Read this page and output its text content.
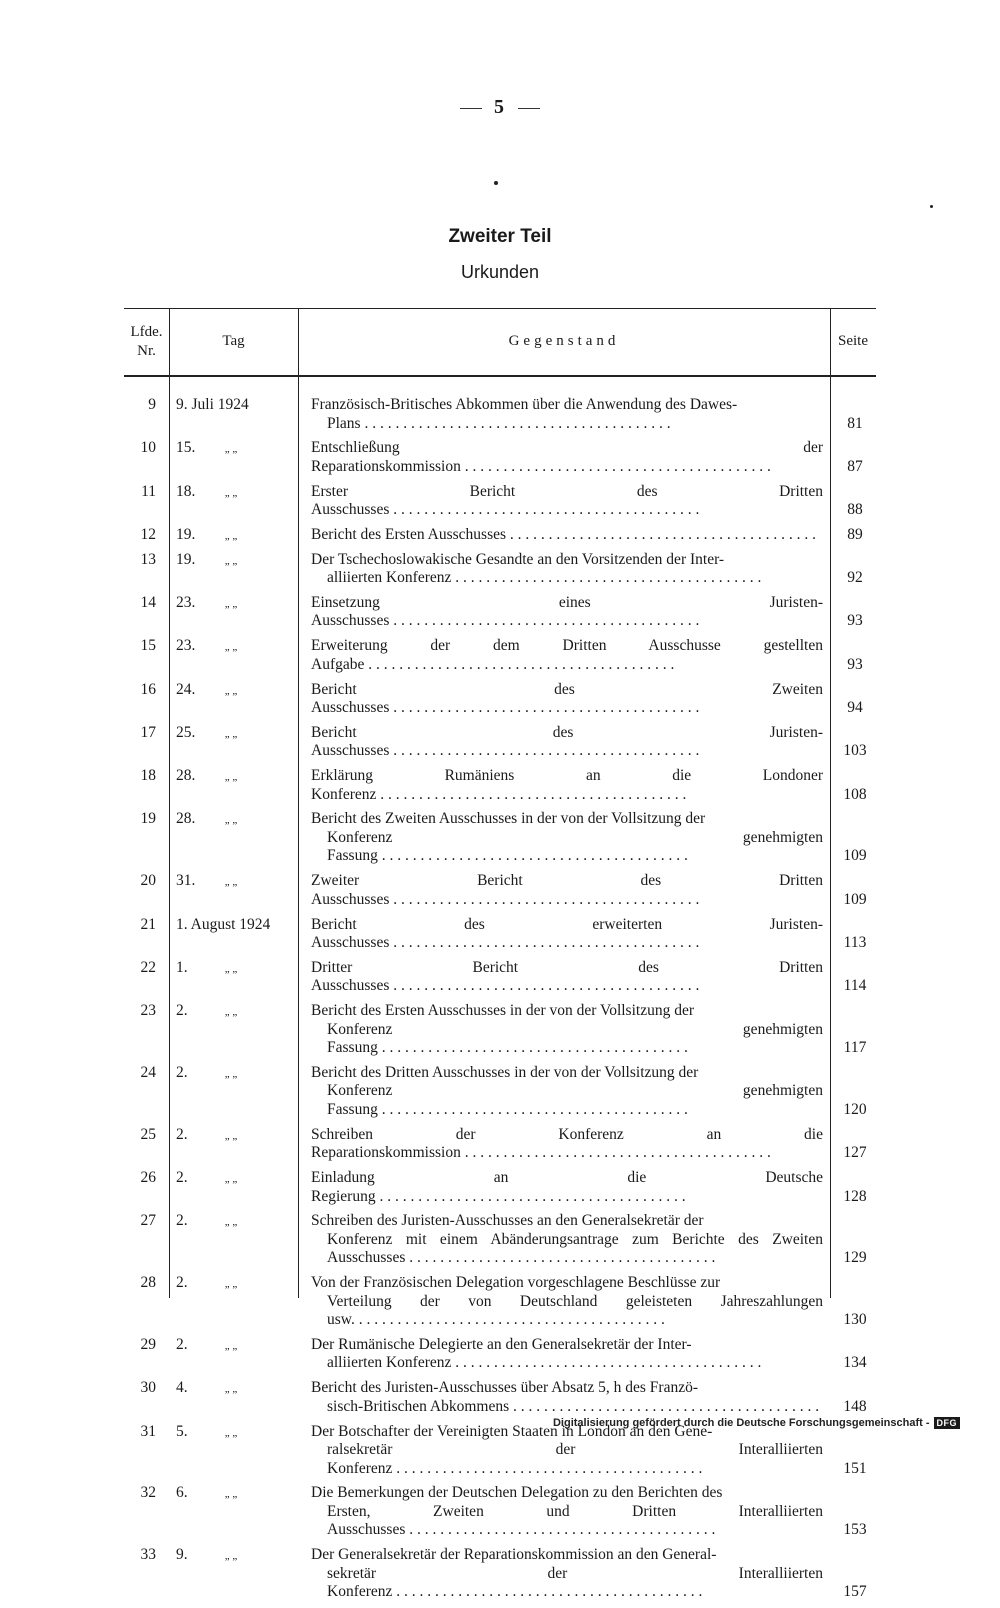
5
Zweiter Teil
Urkunden
Lfde. Nr.
Tag	Gegenstand	Seite
9 9. Juli 1924	Französisch-Britisches Abkommen über die Anwendung des Dawes-
Plans . . . . . . . . . . . . . . . . . . . . . . . . . . . . . . . . . . . . . . . .	81
10 15.	„ „	Entschließung der Reparationskommission . . . . . . . . . . . . . . . . . . . . . . . . . . . . . . . . . . . . . . . .	87
11 18.	„ „	Erster Bericht des Dritten Ausschusses . . . . . . . . . . . . . . . . . . . . . . . . . . . . . . . . . . . . . . . .	88
12 19.	„ „	Bericht des Ersten Ausschusses . . . . . . . . . . . . . . . . . . . . . . . . . . . . . . . . . . . . . . . .	89
13 19.	„ „	Der Tschechoslowakische Gesandte an den Vorsitzenden der Inter-
alliierten Konferenz . . . . . . . . . . . . . . . . . . . . . . . . . . . . . . . . . . . . . . . .	92
14 23.	„ „	Einsetzung eines Juristen-Ausschusses . . . . . . . . . . . . . . . . . . . . . . . . . . . . . . . . . . . . . . . .	93
15 23.	„ „	Erweiterung der dem Dritten Ausschusse gestellten Aufgabe . . . . . . . . . . . . . . . . . . . . . . . . . . . . . . . . . . . . . . . .	93
16 24.	„ „	Bericht des Zweiten Ausschusses . . . . . . . . . . . . . . . . . . . . . . . . . . . . . . . . . . . . . . . .	94
17 25.	„ „	Bericht des Juristen-Ausschusses . . . . . . . . . . . . . . . . . . . . . . . . . . . . . . . . . . . . . . . .	103
18 28.	„ „	Erklärung Rumäniens an die Londoner Konferenz . . . . . . . . . . . . . . . . . . . . . . . . . . . . . . . . . . . . . . . .	108
19 28.	„ „	Bericht des Zweiten Ausschusses in der von der Vollsitzung der
Konferenz genehmigten Fassung . . . . . . . . . . . . . . . . . . . . . . . . . . . . . . . . . . . . . . . .	109
20 31.	„ „	Zweiter Bericht des Dritten Ausschusses . . . . . . . . . . . . . . . . . . . . . . . . . . . . . . . . . . . . . . . .	109
21 1. August 1924	Bericht des erweiterten Juristen-Ausschusses . . . . . . . . . . . . . . . . . . . . . . . . . . . . . . . . . . . . . . . .	113
22 1.	„ „	Dritter Bericht des Dritten Ausschusses . . . . . . . . . . . . . . . . . . . . . . . . . . . . . . . . . . . . . . . .	114
23 2.	„ „	Bericht des Ersten Ausschusses in der von der Vollsitzung der
Konferenz genehmigten Fassung . . . . . . . . . . . . . . . . . . . . . . . . . . . . . . . . . . . . . . . .	117
24 2.	„ „	Bericht des Dritten Ausschusses in der von der Vollsitzung der
Konferenz genehmigten Fassung . . . . . . . . . . . . . . . . . . . . . . . . . . . . . . . . . . . . . . . .	120
25 2.	„ „	Schreiben der Konferenz an die Reparationskommission . . . . . . . . . . . . . . . . . . . . . . . . . . . . . . . . . . . . . . . .	127
26 2.	„ „	Einladung an die Deutsche Regierung . . . . . . . . . . . . . . . . . . . . . . . . . . . . . . . . . . . . . . . .	128
27 2.	„ „	Schreiben des Juristen-Ausschusses an den Generalsekretär der
Konferenz mit einem Abänderungsantrage zum Berichte des Zweiten Ausschusses . . . . . . . . . . . . . . . . . . . . . . . . . . . . . . . . . . . . . . . .	129
28 2.	„ „	Von der Französischen Delegation vorgeschlagene Beschlüsse zur
Verteilung der von Deutschland geleisteten Jahreszahlungen usw. . . . . . . . . . . . . . . . . . . . . . . . . . . . . . . . . . . . . . . . .	130
29 2.	„ „	Der Rumänische Delegierte an den Generalsekretär der Inter-
alliierten Konferenz . . . . . . . . . . . . . . . . . . . . . . . . . . . . . . . . . . . . . . . .	134
30 4.	„ „	Bericht des Juristen-Ausschusses über Absatz 5, h des Franzö-
sisch-Britischen Abkommens . . . . . . . . . . . . . . . . . . . . . . . . . . . . . . . . . . . . . . . .	148
31 5.	„ „	Der Botschafter der Vereinigten Staaten in London an den Gene-
ralsekretär der Interalliierten Konferenz . . . . . . . . . . . . . . . . . . . . . . . . . . . . . . . . . . . . . . . .	151
32 6.	„ „	Die Bemerkungen der Deutschen Delegation zu den Berichten des
Ersten, Zweiten und Dritten Interalliierten Ausschusses . . . . . . . . . . . . . . . . . . . . . . . . . . . . . . . . . . . . . . . .	153
33 9.	„ „	Der Generalsekretär der Reparationskommission an den General-
sekretär der Interalliierten Konferenz . . . . . . . . . . . . . . . . . . . . . . . . . . . . . . . . . . . . . . . .	157
Digitalisierung gefördert durch die Deutsche Forschungsgemeinschaft - DFG
